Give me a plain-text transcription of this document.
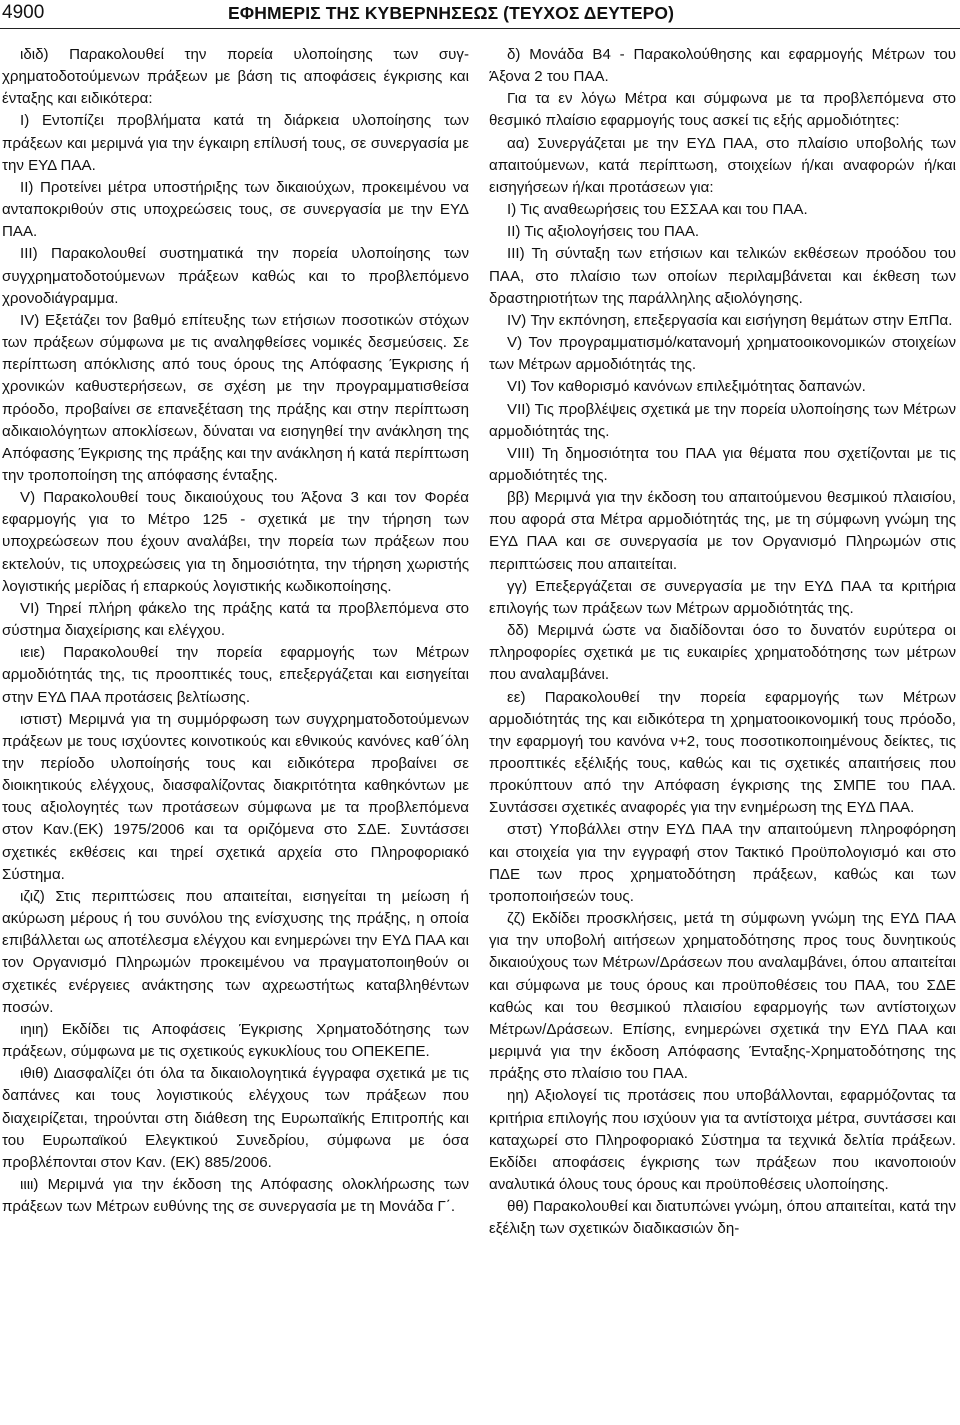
4900	ΕΦΗΜΕΡΙΣ ΤΗΣ ΚΥΒΕΡΝΗΣΕΩΣ (ΤΕΥΧΟΣ ΔΕΥΤΕΡΟ)

ιδιδ) Παρακολουθεί την πορεία υλοποίησης των συγχρηματοδοτούμενων πράξεων με βάση τις αποφάσεις έγκρισης και ένταξης και ειδικότερα:

Ι) Εντοπίζει προβλήματα κατά τη διάρκεια υλοποίησης των πράξεων και μεριμνά για την έγκαιρη επίλυσή τους, σε συνεργασία με την ΕΥΔ ΠΑΑ.

ΙΙ) Προτείνει μέτρα υποστήριξης των δικαιούχων, προκειμένου να ανταποκριθούν στις υποχρεώσεις τους, σε συνεργασία με την ΕΥΔ ΠΑΑ.

ΙΙΙ) Παρακολουθεί συστηματικά την πορεία υλοποίησης των συγχρηματοδοτούμενων πράξεων καθώς και το προβλεπόμενο χρονοδιάγραμμα.

ΙV) Εξετάζει τον βαθμό επίτευξης των ετήσιων ποσοτικών στόχων των πράξεων σύμφωνα με τις αναληφθείσες νομικές δεσμεύσεις. Σε περίπτωση απόκλισης από τους όρους της Απόφασης Έγκρισης ή χρονικών καθυστερήσεων, σε σχέση με την προγραμματισθείσα πρόοδο, προβαίνει σε επανεξέταση της πράξης και στην περίπτωση αδικαιολόγητων αποκλίσεων, δύναται να εισηγηθεί την ανάκληση της Απόφασης Έγκρισης της πράξης και την ανάκληση ή κατά περίπτωση την τροποποίηση της απόφασης ένταξης.

V) Παρακολουθεί τους δικαιούχους του Άξονα 3 και τον Φορέα εφαρμογής για το Μέτρο 125 - σχετικά με την τήρηση των υποχρεώσεων που έχουν αναλάβει, την πορεία των πράξεων που εκτελούν, τις υποχρεώσεις για τη δημοσιότητα, την τήρηση χωριστής λογιστικής μερίδας ή επαρκούς λογιστικής κωδικοποίησης.

VI) Τηρεί πλήρη φάκελο της πράξης κατά τα προβλεπόμενα στο σύστημα διαχείρισης και ελέγχου.

ιειε) Παρακολουθεί την πορεία εφαρμογής των Μέτρων αρμοδιότητάς της, τις προοπτικές τους, επεξεργάζεται και εισηγείται στην ΕΥΔ ΠΑΑ προτάσεις βελτίωσης.

ιστιστ) Μεριμνά για τη συμμόρφωση των συγχρηματοδοτούμενων πράξεων με τους ισχύοντες κοινοτικούς και εθνικούς κανόνες καθ΄όλη την περίοδο υλοποίησής τους και ειδικότερα προβαίνει σε διοικητικούς ελέγχους, διασφαλίζοντας διακριτότητα καθηκόντων με τους αξιολογητές των προτάσεων σύμφωνα με τα προβλεπόμενα στον Καν.(ΕΚ) 1975/2006 και τα οριζόμενα στο ΣΔΕ. Συντάσσει σχετικές εκθέσεις και τηρεί σχετικά αρχεία στο Πληροφοριακό Σύστημα.

ιζιζ) Στις περιπτώσεις που απαιτείται, εισηγείται τη μείωση ή ακύρωση μέρους ή του συνόλου της ενίσχυσης της πράξης, η οποία επιβάλλεται ως αποτέλεσμα ελέγχου και ενημερώνει την ΕΥΔ ΠΑΑ και τον Οργανισμό Πληρωμών προκειμένου να πραγματοποιηθούν οι σχετικές ενέργειες ανάκτησης των αχρεωστήτως καταβληθέντων ποσών.

ιηιη) Εκδίδει τις Αποφάσεις Έγκρισης Χρηματοδότησης των πράξεων, σύμφωνα με τις σχετικούς εγκυκλίους του ΟΠΕΚΕΠΕ.

ιθιθ) Διασφαλίζει ότι όλα τα δικαιολογητικά έγγραφα σχετικά με τις δαπάνες και τους λογιστικούς ελέγχους των πράξεων που διαχειρίζεται, τηρούνται στη διάθεση της Ευρωπαϊκής Επιτροπής και του Ευρωπαϊκού Ελεγκτικού Συνεδρίου, σύμφωνα με όσα προβλέπονται στον Καν. (ΕΚ) 885/2006.

ιιιι) Μεριμνά για την έκδοση της Απόφασης ολοκλήρωσης των πράξεων των Μέτρων ευθύνης της σε συνεργασία με τη Μονάδα Γ΄.

δ) Μονάδα Β4 - Παρακολούθησης και εφαρμογής Μέτρων του Άξονα 2 του ΠΑΑ.

Για τα εν λόγω Μέτρα και σύμφωνα με τα προβλεπόμενα στο θεσμικό πλαίσιο εφαρμογής τους ασκεί τις εξής αρμοδιότητες:

αα) Συνεργάζεται με την ΕΥΔ ΠΑΑ, στο πλαίσιο υποβολής των απαιτούμενων, κατά περίπτωση, στοιχείων ή/και αναφορών ή/και εισηγήσεων ή/και προτάσεων για:

Ι) Τις αναθεωρήσεις του ΕΣΣΑΑ και του ΠΑΑ.

ΙΙ) Τις αξιολογήσεις του ΠΑΑ.

ΙΙΙ) Τη σύνταξη των ετήσιων και τελικών εκθέσεων προόδου του ΠΑΑ, στο πλαίσιο των οποίων περιλαμβάνεται και έκθεση των δραστηριοτήτων της παράλληλης αξιολόγησης.

ΙV) Την εκπόνηση, επεξεργασία και εισήγηση θεμάτων στην ΕπΠα.

V) Τον προγραμματισμό/κατανομή χρηματοοικονομικών στοιχείων των Μέτρων αρμοδιότητάς της.

VI) Τον καθορισμό κανόνων επιλεξιμότητας δαπανών.

VII) Τις προβλέψεις σχετικά με την πορεία υλοποίησης των Μέτρων αρμοδιότητάς της.

VIII) Τη δημοσιότητα του ΠΑΑ για θέματα που σχετίζονται με τις αρμοδιότητές της.

ββ) Μεριμνά για την έκδοση του απαιτούμενου θεσμικού πλαισίου, που αφορά στα Μέτρα αρμοδιότητάς της, με τη σύμφωνη γνώμη της ΕΥΔ ΠΑΑ και σε συνεργασία με τον Οργανισμό Πληρωμών στις περιπτώσεις που απαιτείται.

γγ) Επεξεργάζεται σε συνεργασία με την ΕΥΔ ΠΑΑ τα κριτήρια επιλογής των πράξεων των Μέτρων αρμοδιότητάς της.

δδ) Μεριμνά ώστε να διαδίδονται όσο το δυνατόν ευρύτερα οι πληροφορίες σχετικά με τις ευκαιρίες χρηματοδότησης των μέτρων που αναλαμβάνει.

εε) Παρακολουθεί την πορεία εφαρμογής των Μέτρων αρμοδιότητάς της και ειδικότερα τη χρηματοοικονομική τους πρόοδο, την εφαρμογή του κανόνα ν+2, τους ποσοτικοποιημένους δείκτες, τις προοπτικές εξέλιξής τους, καθώς και τις σχετικές απαιτήσεις που προκύπτουν από την Απόφαση έγκρισης της ΣΜΠΕ του ΠΑΑ. Συντάσσει σχετικές αναφορές για την ενημέρωση της ΕΥΔ ΠΑΑ.

στστ) Υποβάλλει στην ΕΥΔ ΠΑΑ την απαιτούμενη πληροφόρηση και στοιχεία για την εγγραφή στον Τακτικό Προϋπολογισμό και στο ΠΔΕ των προς χρηματοδότηση πράξεων, καθώς και των τροποποιήσεών τους.

ζζ) Εκδίδει προσκλήσεις, μετά τη σύμφωνη γνώμη της ΕΥΔ ΠΑΑ για την υποβολή αιτήσεων χρηματοδότησης προς τους δυνητικούς δικαιούχους των Μέτρων/Δράσεων που αναλαμβάνει, όπου απαιτείται και σύμφωνα με τους όρους και προϋποθέσεις του ΠΑΑ, του ΣΔΕ καθώς και του θεσμικού πλαισίου εφαρμογής των αντίστοιχων Μέτρων/Δράσεων. Επίσης, ενημερώνει σχετικά την ΕΥΔ ΠΑΑ και μεριμνά για την έκδοση Απόφασης Ένταξης-Χρηματοδότησης της πράξης στο πλαίσιο του ΠΑΑ.

ηη) Αξιολογεί τις προτάσεις που υποβάλλονται, εφαρμόζοντας τα κριτήρια επιλογής που ισχύουν για τα αντίστοιχα μέτρα, συντάσσει και καταχωρεί στο Πληροφοριακό Σύστημα τα τεχνικά δελτία πράξεων. Εκδίδει αποφάσεις έγκρισης των πράξεων που ικανοποιούν αναλυτικά όλους τους όρους και προϋποθέσεις υλοποίησης.

θθ) Παρακολουθεί και διατυπώνει γνώμη, όπου απαιτείται, κατά την εξέλιξη των σχετικών διαδικασιών δη-
